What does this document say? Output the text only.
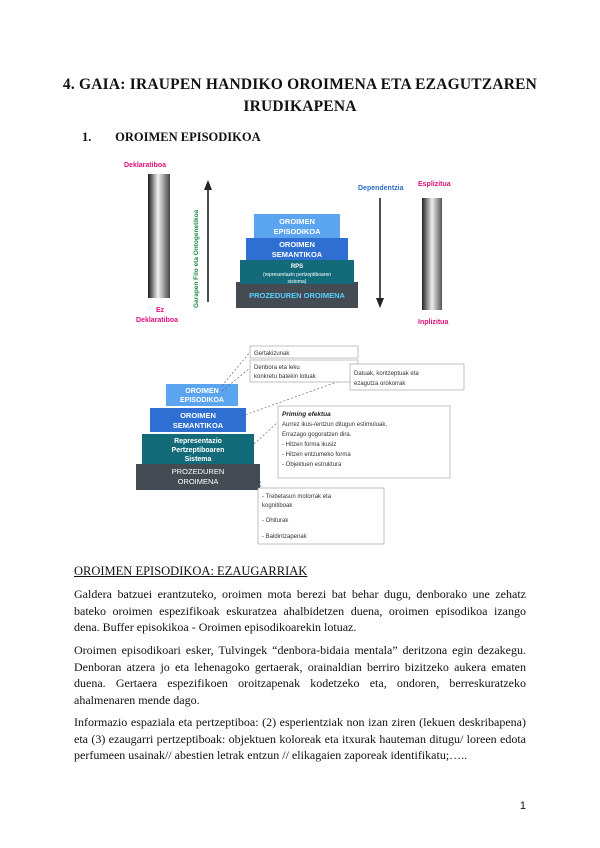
4. GAIA: IRAUPEN HANDIKO OROIMENA ETA EZAGUTZAREN IRUDIKAPENA
1. OROIMEN EPISODIKOA
Deklaratiboa
Ez
Deklaratiboa
Garapen Filo eta Ontogenetikoa	PROZEDUREN OROIMENA
RPS
(representazio pertzeptiboaren
sistema)
OROIMEN
SEMANTIKOA
OROIMEN
EPISODIKOA
Dependentzia
Esplizitua
Inplizitua
OROIMEN
EPISODIKOA
OROIMEN
SEMANTIKOA
Representazio
Pertzeptiboaren
Sistema
PROZEDUREN
OROIMENA
Gertakizunak
Denbora eta leku
konkretu batekin lotuak	Datuak, kontzeptuak eta
ezagutza orokorrak
Priming efektua
Aurrez ikus-/entzun ditugun estimuluak,
Errazago gogoratzen dira.
- Hitzen forma ikusiz
- Hitzen entzumeko forma
- Objektuen estruktura
- Trebetasun motorrak eta
kognitiboak
- Ohiturak
- Baldintzapenak
OROIMEN EPISODIKOA: EZAUGARRIAK

Galdera batzuei erantzuteko, oroimen mota berezi bat behar dugu, denborako une zehatz bateko oroimen espezifikoak eskuratzea ahalbidetzen duena, oroimen episodikoa izango dena. Buffer episokikoa - Oroimen episodikoarekin lotuaz.

Oroimen episodikoari esker, Tulvingek “denbora-bidaia mentala” deritzona egin dezakegu. Denboran atzera jo eta lehenagoko gertaerak, orainaldian berriro bizitzeko aukera ematen duena. Gertaera espezifikoen oroitzapenak kodetzeko eta, ondoren, berreskuratzeko ahalmenaren mende dago.

Informazio espaziala eta pertzeptiboa: (2) esperientziak non izan ziren (lekuen deskribapena) eta (3) ezaugarri pertzeptiboak: objektuen koloreak eta itxurak hauteman ditugu/ loreen edota perfumeen usainak// abestien letrak entzun // elikagaien zaporeak identifikatu;…..

1
